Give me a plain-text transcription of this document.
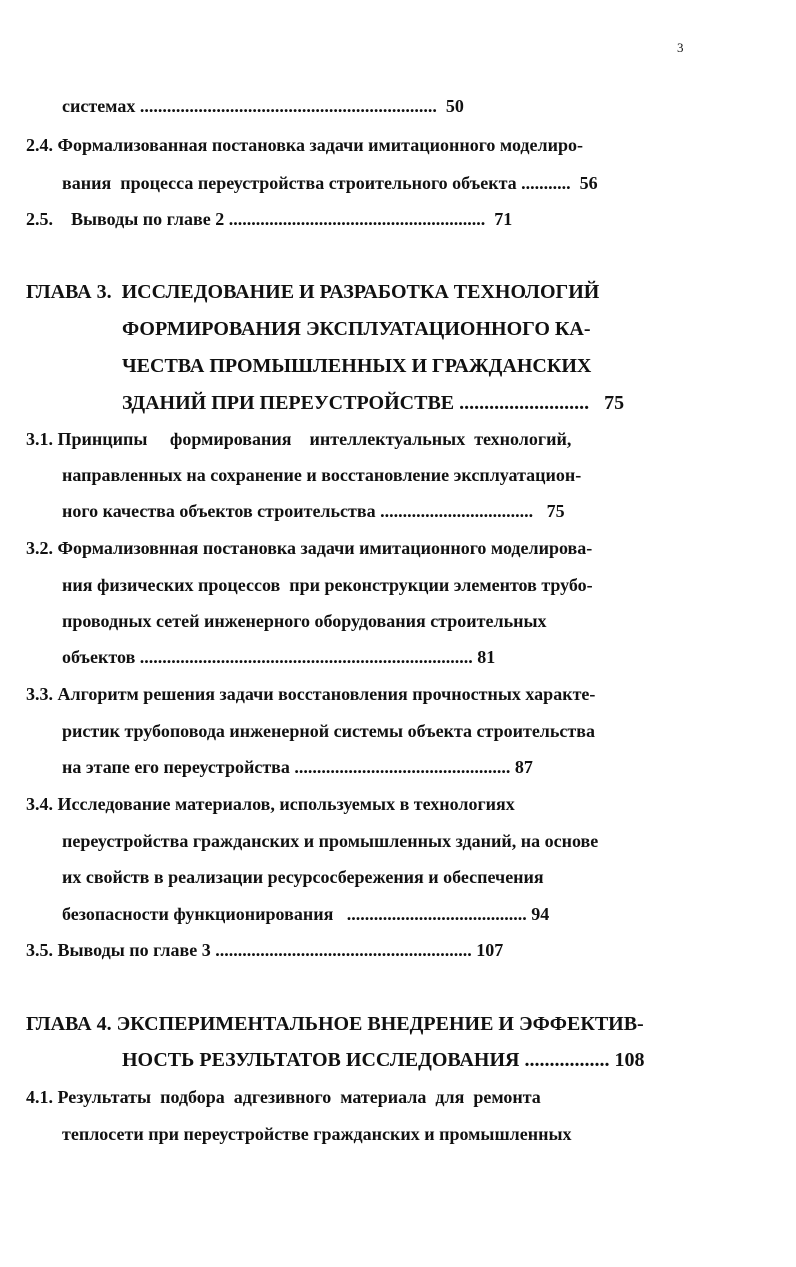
3
системах ..................................................................  50
2.4. Формализованная постановка задачи имитационного моделиро-
вания  процесса переустройства строительного объекта ...........  56
2.5.    Выводы по главе 2 .........................................................  71
ГЛАВА 3.  ИССЛЕДОВАНИЕ И РАЗРАБОТКА ТЕХНОЛОГИЙ
ФОРМИРОВАНИЯ ЭКСПЛУАТАЦИОННОГО КА-
ЧЕСТВА ПРОМЫШЛЕННЫХ И ГРАЖДАНСКИХ
ЗДАНИЙ ПРИ ПЕРЕУСТРОЙСТВЕ ..........................   75
3.1. Принципы     формирования    интеллектуальных  технологий,
направленных на сохранение и восстановление эксплуатацион-
ного качества объектов строительства ..................................   75
3.2. Формализовнная постановка задачи имитационного моделирова-
ния физических процессов  при реконструкции элементов трубо-
проводных сетей инженерного оборудования строительных
объектов .......................................................................... 81
3.3. Алгоритм решения задачи восстановления прочностных характе-
ристик трубоповода инженерной системы объекта строительства
на этапе его переустройства ................................................ 87
3.4. Исследование материалов, используемых в технологиях
переустройства гражданских и промышленных зданий, на основе
их свойств в реализации ресурсосбережения и обеспечения
безопасности функционирования   ........................................ 94
3.5. Выводы по главе 3 ......................................................... 107
ГЛАВА 4. ЭКСПЕРИМЕНТАЛЬНОЕ ВНЕДРЕНИЕ И ЭФФЕКТИВ-
НОСТЬ РЕЗУЛЬТАТОВ ИССЛЕДОВАНИЯ ................. 108
4.1. Результаты  подбора  адгезивного  материала  для  ремонта
теплосети при переустройстве гражданских и промышленных
